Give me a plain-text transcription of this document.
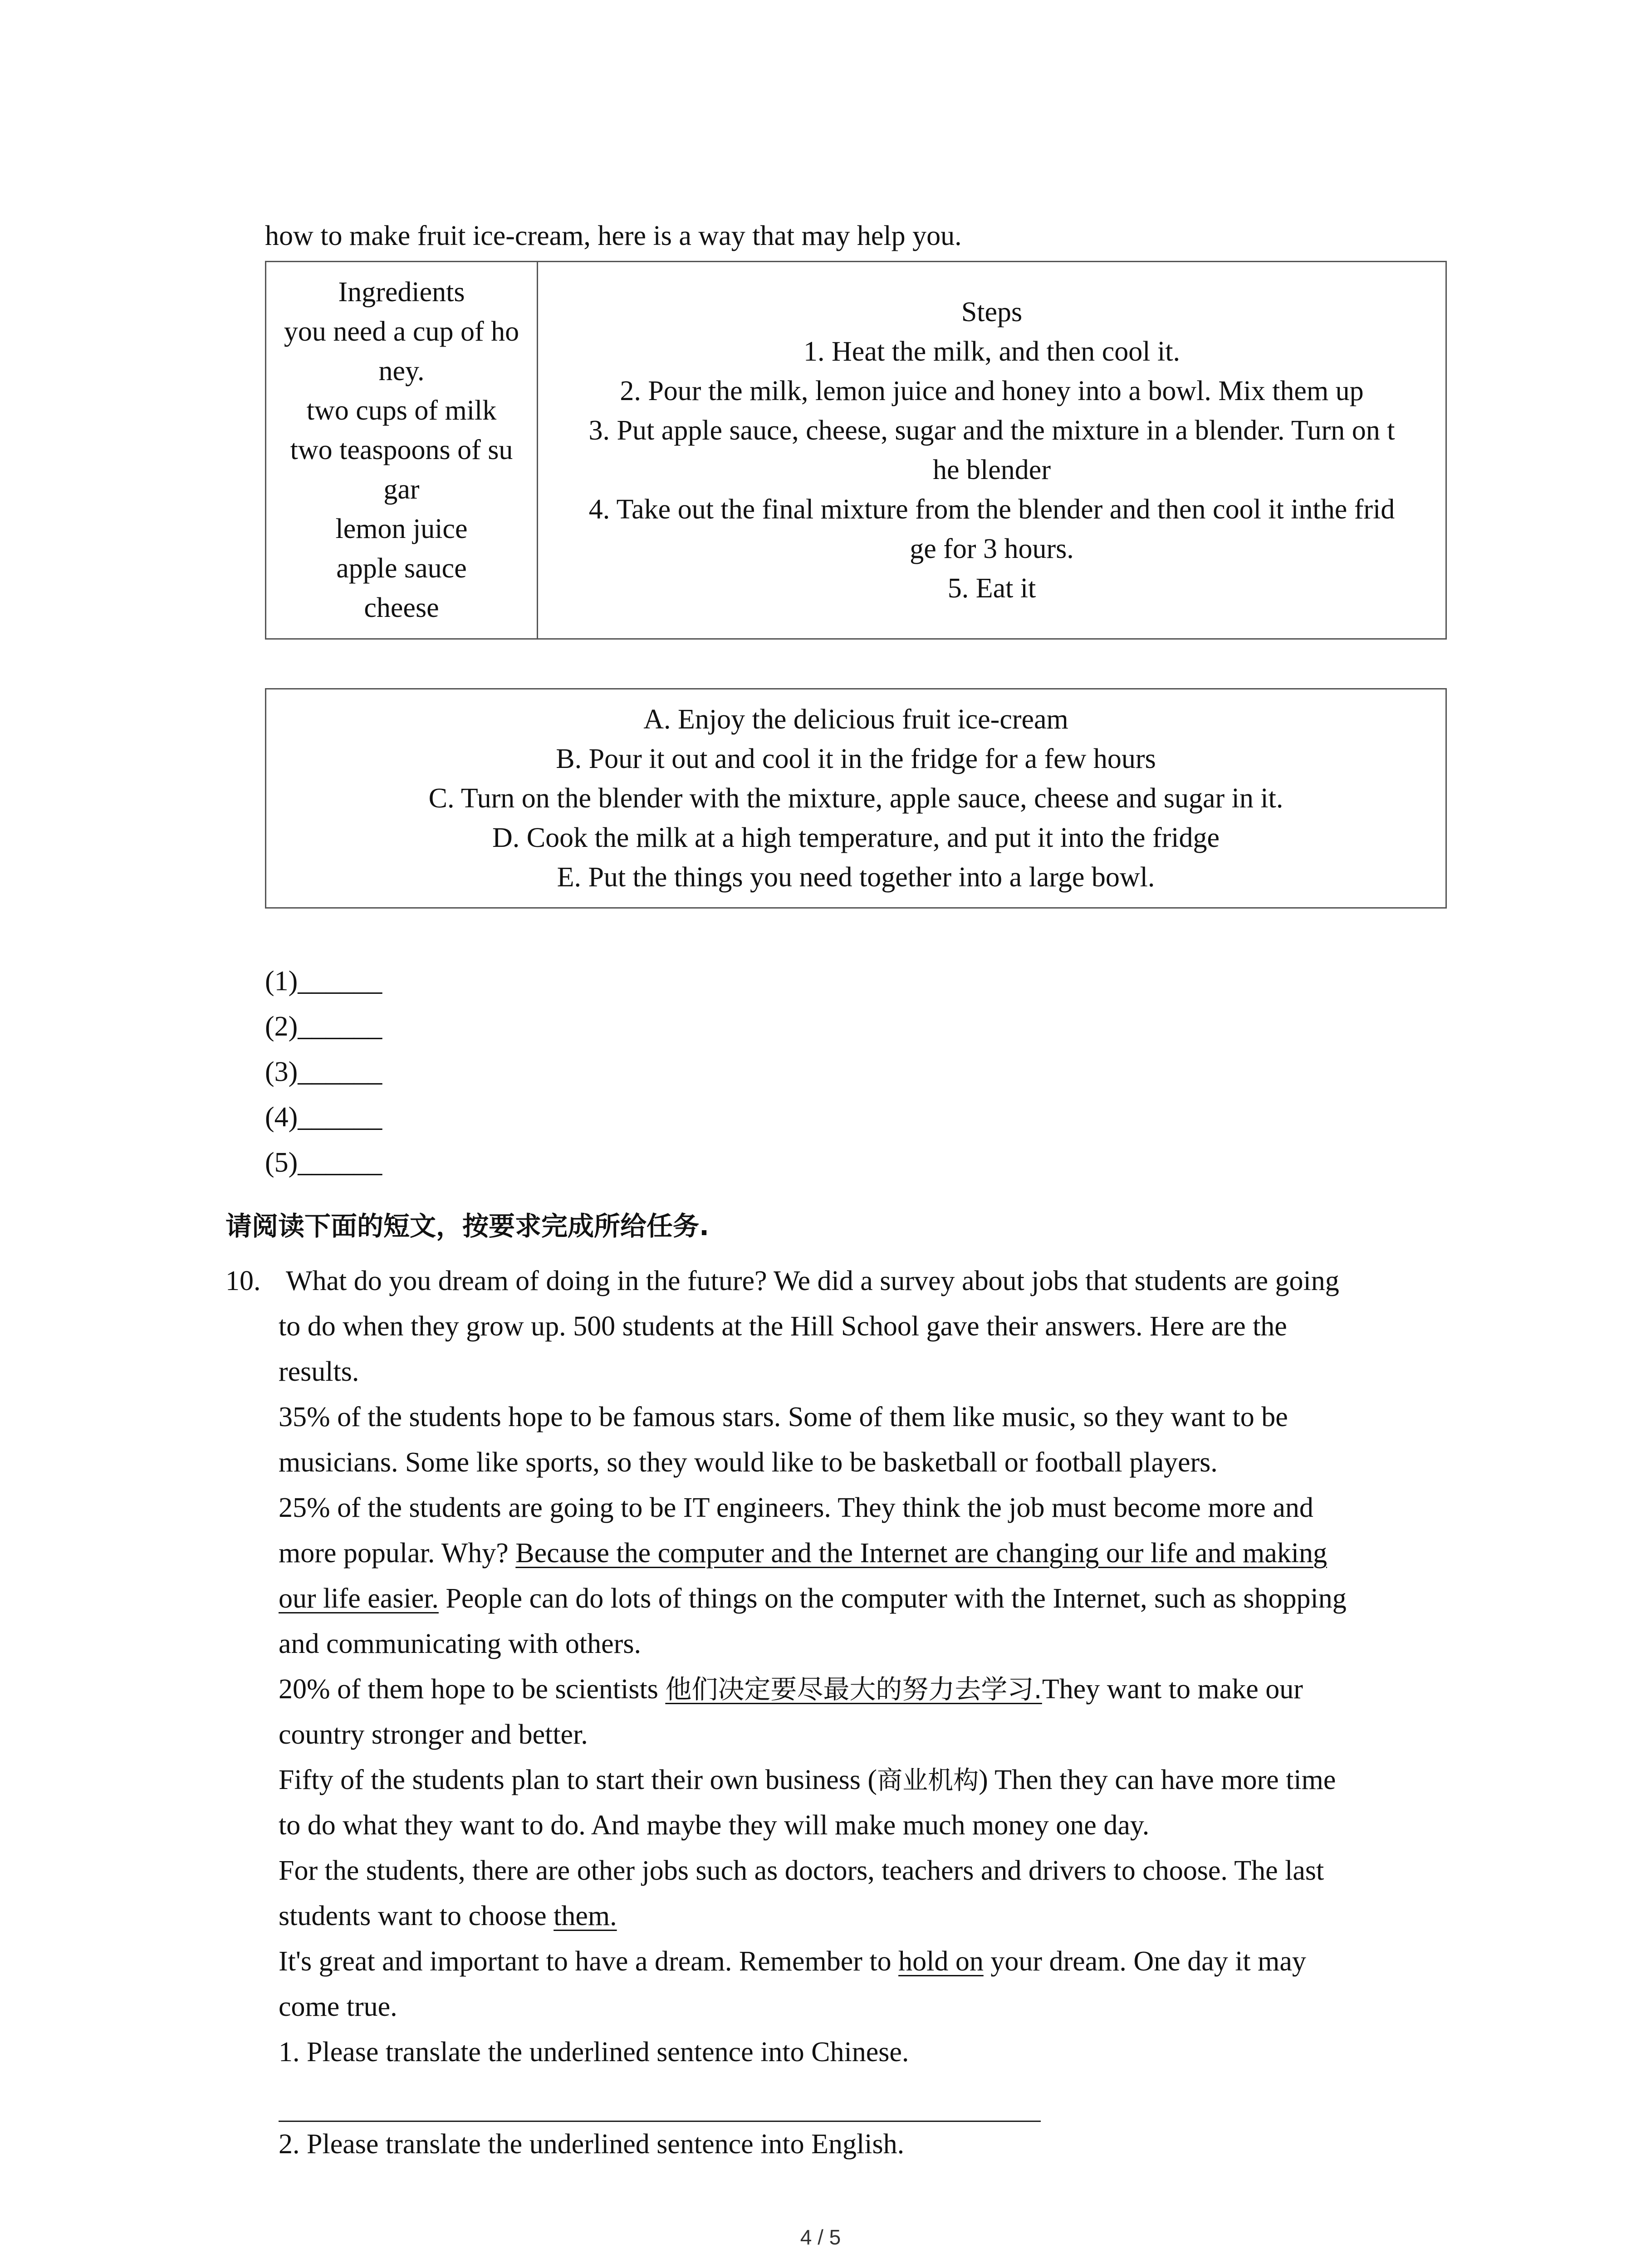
how to make fruit ice-cream, here is a way that may help you.
Ingredients
you need a cup of ho
ney.
two cups of milk
two teaspoons of su
gar
lemon juice
apple sauce
cheese

Steps
1. Heat the milk, and then cool it.
2. Pour the milk, lemon juice and honey into a bowl. Mix them up
3. Put apple sauce, cheese, sugar and the mixture in a blender. Turn on t
he blender
4. Take out the final mixture from the blender and then cool it inthe frid
ge for 3 hours.
5. Eat it
A. Enjoy the delicious fruit ice-cream
B. Pour it out and cool it in the fridge for a few hours
C. Turn on the blender with the mixture, apple sauce, cheese and sugar in it.
D. Cook the milk at a high temperature, and put it into the fridge
E. Put the things you need together into a large bowl.
(1)______
(2)______
(3)______
(4)______
(5)______
请阅读下面的短文，按要求完成所给任务.
10. What do you dream of doing in the future? We did a survey about jobs that students are going
to do when they grow up. 500 students at the Hill School gave their answers. Here are the
results.
35% of the students hope to be famous stars. Some of them like music, so they want to be
musicians. Some like sports, so they would like to be basketball or football players.
25% of the students are going to be IT engineers. They think the job must become more and
more popular. Why? Because the computer and the Internet are changing our life and making
our life easier. People can do lots of things on the computer with the Internet, such as shopping
and communicating with others.
20% of them hope to be scientists 他们决定要尽最大的努力去学习.They want to make our
country stronger and better.
Fifty of the students plan to start their own business (商业机构) Then they can have more time
to do what they want to do. And maybe they will make much money one day.
For the students, there are other jobs such as doctors, teachers and drivers to choose. The last
students want to choose them.
It's great and important to have a dream. Remember to hold on your dream. One day it may
come true.
1. Please translate the underlined sentence into Chinese.
2. Please translate the underlined sentence into English.
4 / 5
